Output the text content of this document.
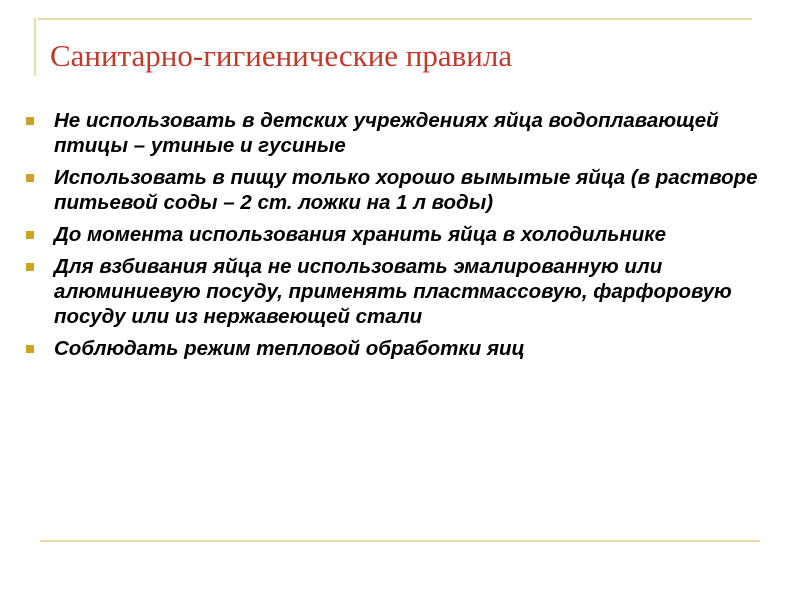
Санитарно-гигиенические правила
Не использовать в детских учреждениях яйца водоплавающей птицы – утиные и гусиные
Использовать в пищу только хорошо вымытые яйца (в растворе питьевой соды – 2 ст. ложки на 1 л воды)
До момента использования хранить яйца в холодильнике
Для взбивания яйца не использовать эмалированную или алюминиевую посуду, применять пластмассовую, фарфоровую посуду или из нержавеющей стали
Соблюдать режим тепловой обработки яиц
